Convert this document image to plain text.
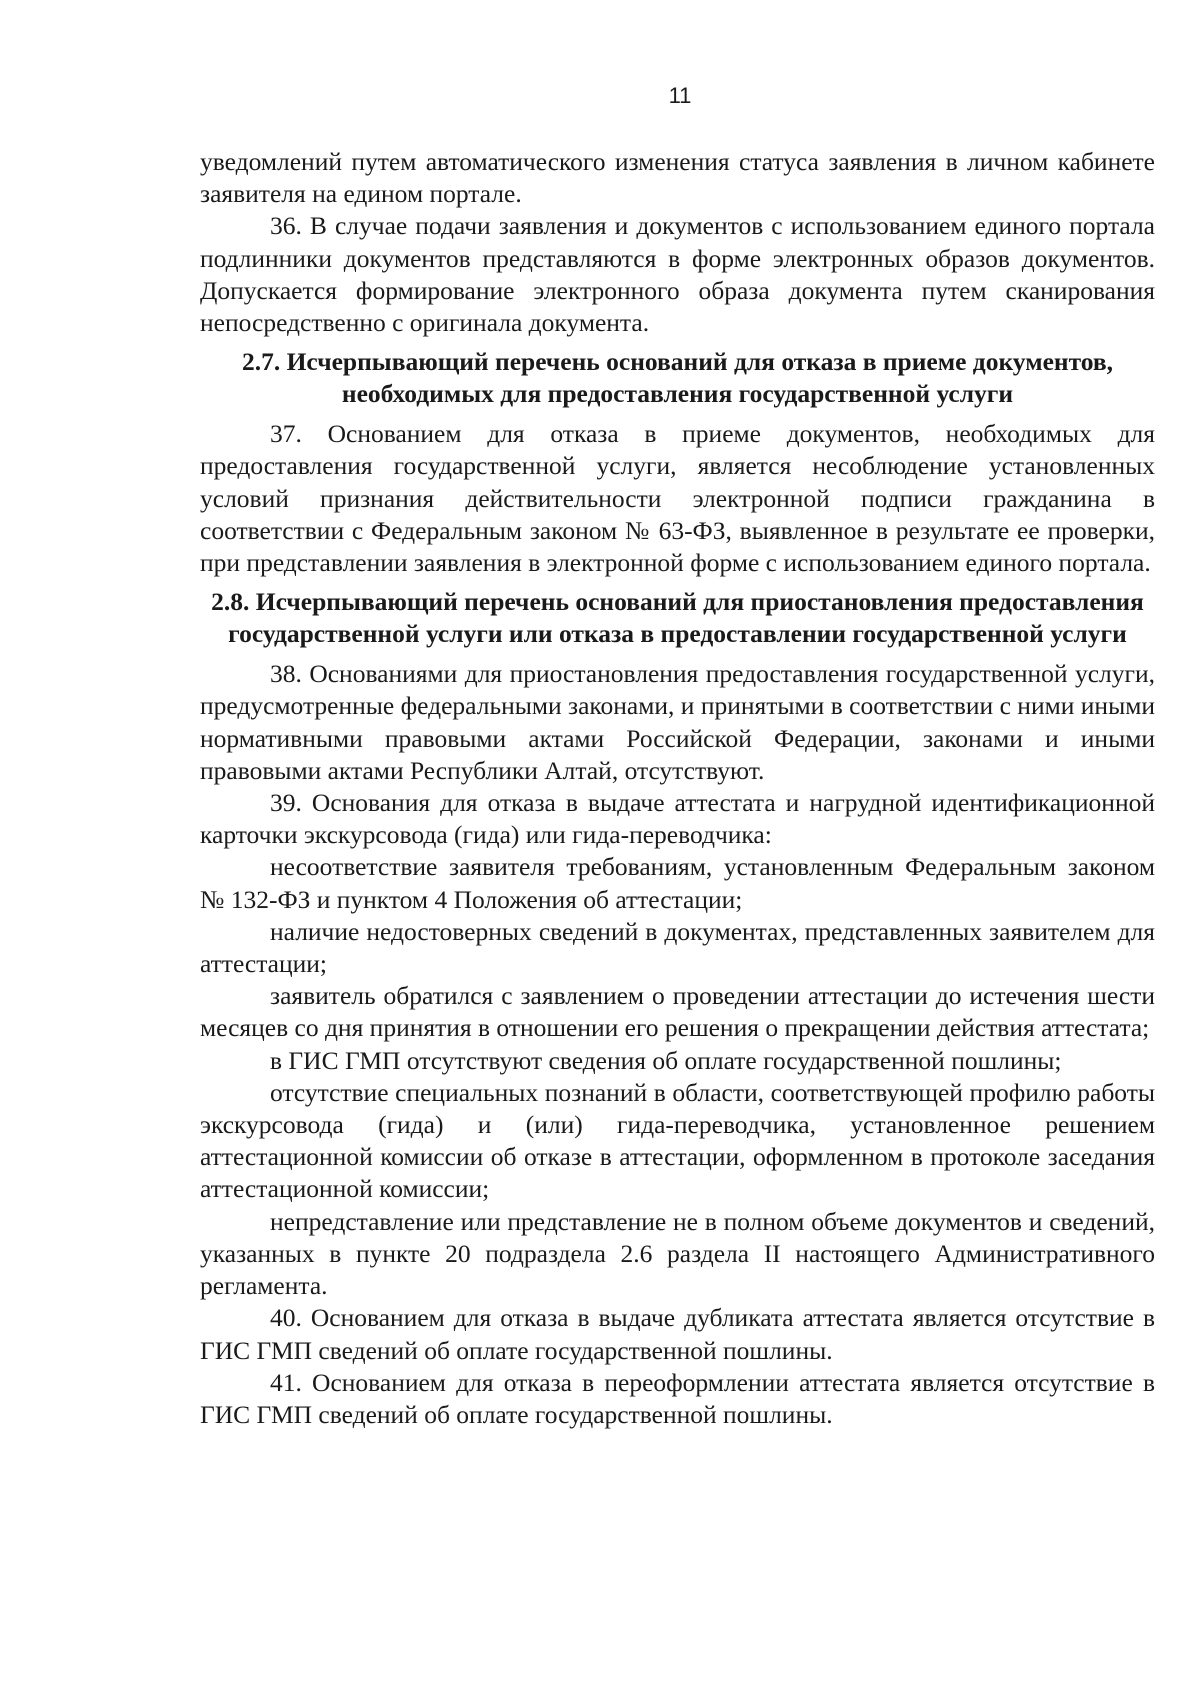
11

уведомлений путем автоматического изменения статуса заявления в личном кабинете заявителя на едином портале.

36. В случае подачи заявления и документов с использованием единого портала подлинники документов представляются в форме электронных образов документов. Допускается формирование электронного образа документа путем сканирования непосредственно с оригинала документа.

2.7. Исчерпывающий перечень оснований для отказа в приеме документов, необходимых для предоставления государственной услуги

37. Основанием для отказа в приеме документов, необходимых для предоставления государственной услуги, является несоблюдение установленных условий признания действительности электронной подписи гражданина в соответствии с Федеральным законом № 63-ФЗ, выявленное в результате ее проверки, при представлении заявления в электронной форме с использованием единого портала.

2.8. Исчерпывающий перечень оснований для приостановления предоставления государственной услуги или отказа в предоставлении государственной услуги

38. Основаниями для приостановления предоставления государственной услуги, предусмотренные федеральными законами, и принятыми в соответствии с ними иными нормативными правовыми актами Российской Федерации, законами и иными правовыми актами Республики Алтай, отсутствуют.

39. Основания для отказа в выдаче аттестата и нагрудной идентификационной карточки экскурсовода (гида) или гида-переводчика:

несоответствие заявителя требованиям, установленным Федеральным законом № 132-ФЗ и пунктом 4 Положения об аттестации;

наличие недостоверных сведений в документах, представленных заявителем для аттестации;

заявитель обратился с заявлением о проведении аттестации до истечения шести месяцев со дня принятия в отношении его решения о прекращении действия аттестата;

в ГИС ГМП отсутствуют сведения об оплате государственной пошлины;

отсутствие специальных познаний в области, соответствующей профилю работы экскурсовода (гида) и (или) гида-переводчика, установленное решением аттестационной комиссии об отказе в аттестации, оформленном в протоколе заседания аттестационной комиссии;

непредставление или представление не в полном объеме документов и сведений, указанных в пункте 20 подраздела 2.6 раздела II настоящего Административного регламента.

40. Основанием для отказа в выдаче дубликата аттестата является отсутствие в ГИС ГМП сведений об оплате государственной пошлины.

41. Основанием для отказа в переоформлении аттестата является отсутствие в ГИС ГМП сведений об оплате государственной пошлины.
